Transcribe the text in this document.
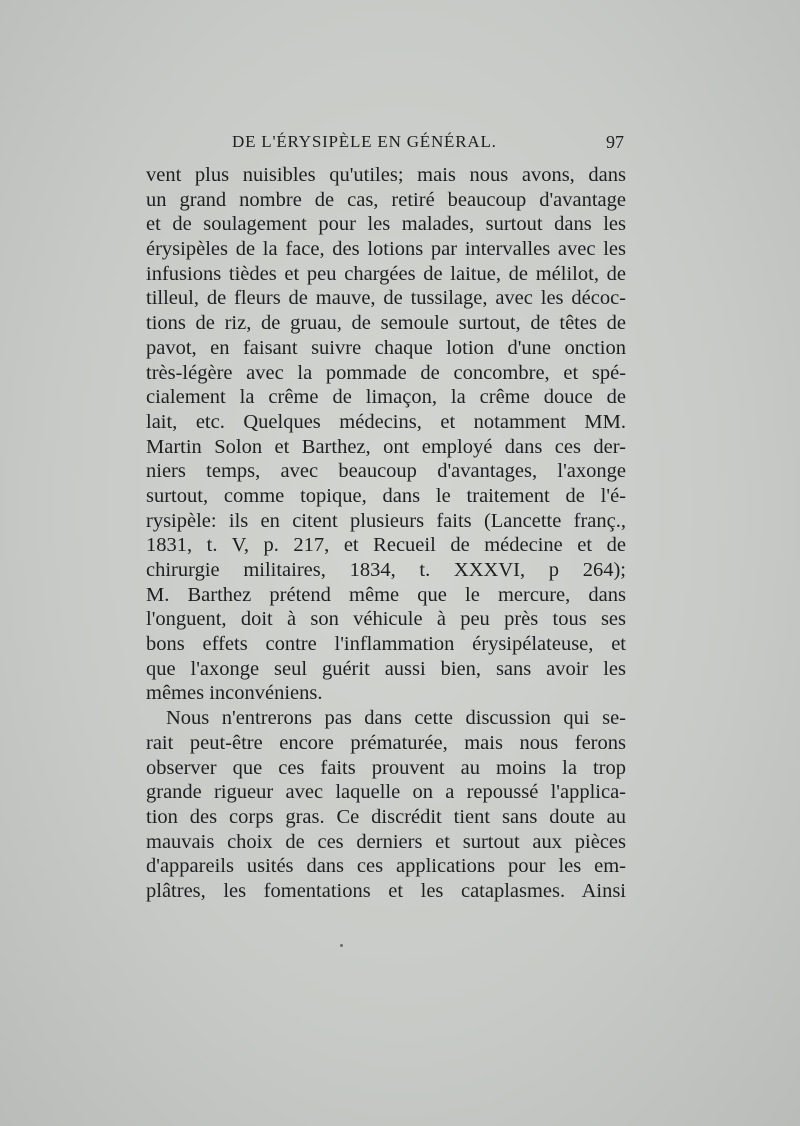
DE L'ÉRYSIPÈLE EN GÉNÉRAL.	97
vent plus nuisibles qu'utiles; mais nous avons, dans
un grand nombre de cas, retiré beaucoup d'avantage
et de soulagement pour les malades, surtout dans les
érysipèles de la face, des lotions par intervalles avec les
infusions tièdes et peu chargées de laitue, de mélilot, de
tilleul, de fleurs de mauve, de tussilage, avec les décoc-
tions de riz, de gruau, de semoule surtout, de têtes de
pavot, en faisant suivre chaque lotion d'une onction
très-légère avec la pommade de concombre, et spé-
cialement la crême de limaçon, la crême douce de
lait, etc. Quelques médecins, et notamment MM.
Martin Solon et Barthez, ont employé dans ces der-
niers temps, avec beaucoup d'avantages, l'axonge
surtout, comme topique, dans le traitement de l'é-
rysipèle: ils en citent plusieurs faits (Lancette franç.,
1831, t. V, p. 217, et Recueil de médecine et de
chirurgie militaires, 1834, t. XXXVI, p 264);
M. Barthez prétend même que le mercure, dans
l'onguent, doit à son véhicule à peu près tous ses
bons effets contre l'inflammation érysipélateuse, et
que l'axonge seul guérit aussi bien, sans avoir les
mêmes inconvéniens.
Nous n'entrerons pas dans cette discussion qui se-
rait peut-être encore prématurée, mais nous ferons
observer que ces faits prouvent au moins la trop
grande rigueur avec laquelle on a repoussé l'applica-
tion des corps gras. Ce discrédit tient sans doute au
mauvais choix de ces derniers et surtout aux pièces
d'appareils usités dans ces applications pour les em-
plâtres, les fomentations et les cataplasmes. Ainsi
